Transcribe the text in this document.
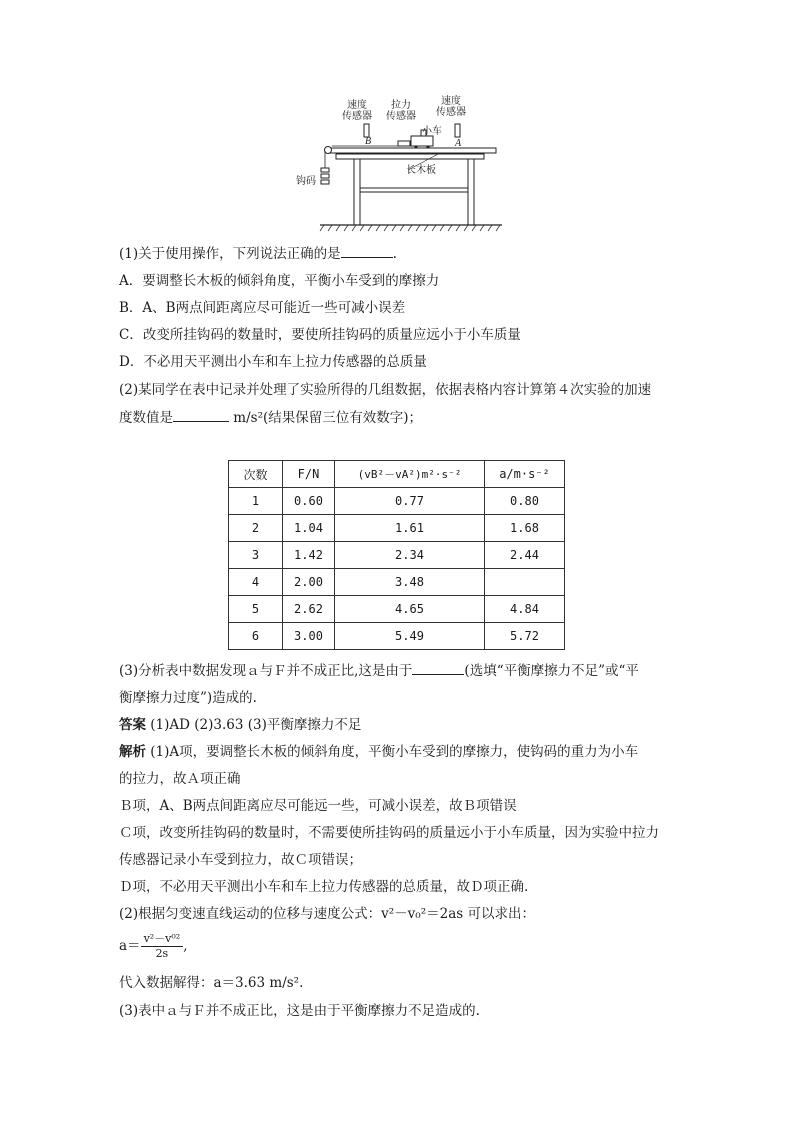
速度
传感器
拉力
传感器
速度
传感器
小车
B	A
长木板
钩码
(1)关于使用操作，下列说法正确的是	.
A．要调整长木板的倾斜角度，平衡小车受到的摩擦力
B．A、B两点间距离应尽可能近一些可减小误差
C．改变所挂钩码的数量时，要使所挂钩码的质量应远小于小车质量
D．不必用天平测出小车和车上拉力传感器的总质量
(2)某同学在表中记录并处理了实验所得的几组数据，依据表格内容计算第４次实验的加速
度数值是	m/s²(结果保留三位有效数字)；
次数	F/N	(vB²－vA²)m²·s⁻²	a/m·s⁻²
1	0.60	0.77	0.80
2	1.04	1.61	1.68
3	1.42	2.34	2.44
4	2.00	3.48	
5	2.62	4.65	4.84
6	3.00	5.49	5.72
(3)分析表中数据发现ａ与Ｆ并不成正比,这是由于	(选填“平衡摩擦力不足”或“平
衡摩擦力过度”)造成的.
答案 (1)AD (2)3.63 (3)平衡摩擦力不足
解析 (1)A项，要调整长木板的倾斜角度，平衡小车受到的摩擦力，使钩码的重力为小车
的拉力，故Ａ项正确
Ｂ项，A、B两点间距离应尽可能远一些，可减小误差，故Ｂ项错误
Ｃ项，改变所挂钩码的数量时，不需要使所挂钩码的质量远小于小车质量，因为实验中拉力
传感器记录小车受到拉力，故Ｃ项错误；
Ｄ项，不必用天平测出小车和车上拉力传感器的总质量，故Ｄ项正确.
(2)根据匀变速直线运动的位移与速度公式：v²－v₀²＝2as 可以求出：
$a= \frac{\text{v²－v⁰²}}{2s}$ ,
代入数据解得：a＝3.63 m/s².
(3)表中ａ与Ｆ并不成正比，这是由于平衡摩擦力不足造成的.
